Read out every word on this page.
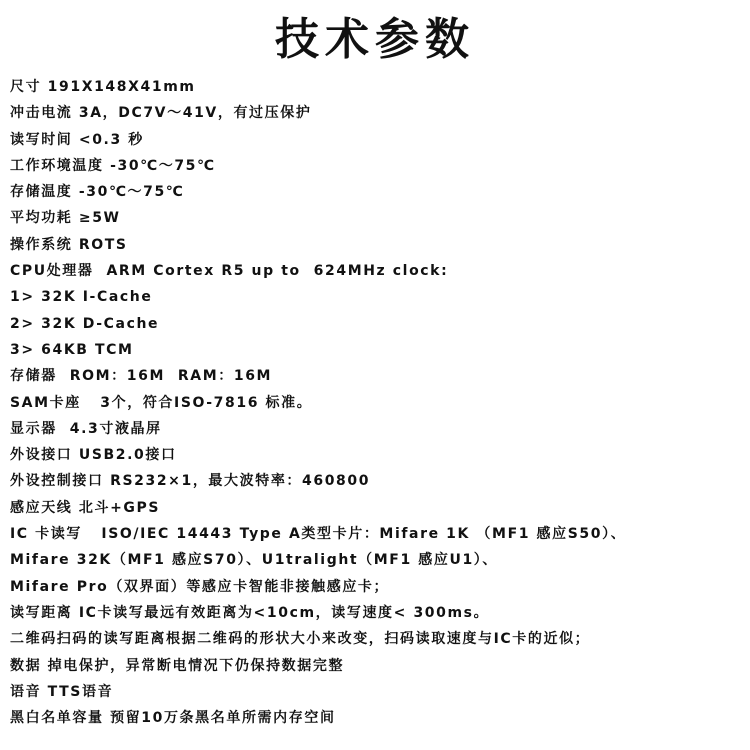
技术参数
尺寸 191X148X41mm
冲击电流 3A，DC7V～41V，有过压保护
读写时间 <0.3 秒
工作环境温度 -30℃～75℃
存储温度 -30℃～75℃
平均功耗 ≥5W
操作系统 ROTS
CPU处理器  ARM Cortex R5 up to  624MHz clock:
1> 32K I-Cache
2> 32K D-Cache
3> 64KB TCM
存储器  ROM：16M  RAM：16M
SAM卡座   3个，符合ISO-7816 标准。
显示器  4.3寸液晶屏
外设接口 USB2.0接口
外设控制接口 RS232×1，最大波特率：460800
感应天线 北斗+GPS
IC 卡读写   ISO/IEC 14443 Type A类型卡片：Mifare 1K （MF1 感应S50）、
Mifare 32K（MF1 感应S70）、U1tralight（MF1 感应U1）、
Mifare Pro（双界面）等感应卡智能非接触感应卡；
读写距离 IC卡读写最远有效距离为<10cm，读写速度< 300ms。
二维码扫码的读写距离根据二维码的形状大小来改变，扫码读取速度与IC卡的近似；
数据 掉电保护，异常断电情况下仍保持数据完整
语音 TTS语音
黑白名单容量 预留10万条黑名单所需内存空间
